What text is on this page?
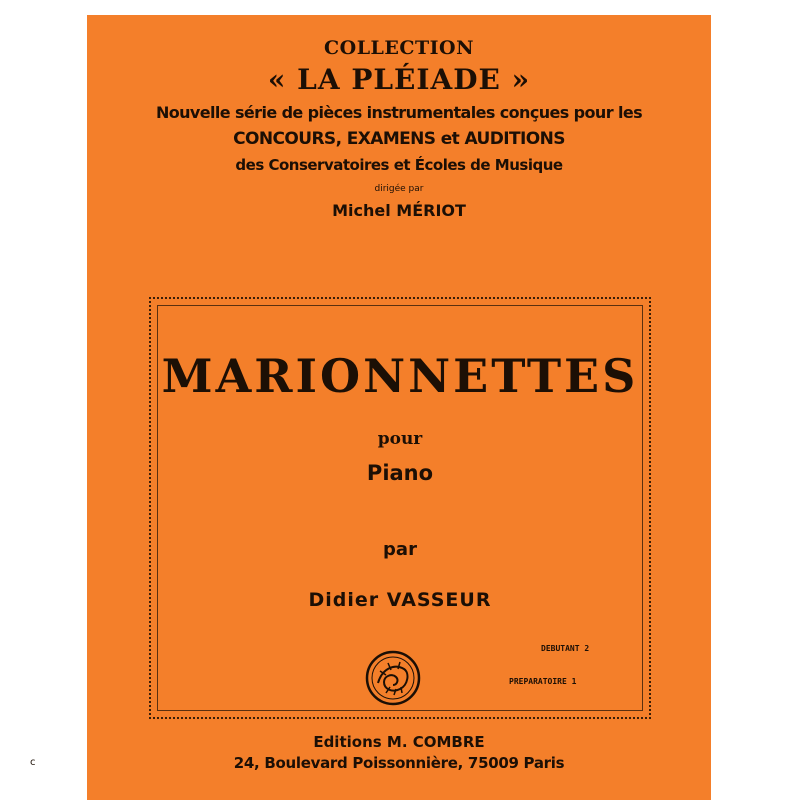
COLLECTION
« LA PLÉIADE »
Nouvelle série de pièces instrumentales conçues pour les
CONCOURS, EXAMENS et AUDITIONS
des Conservatoires et Écoles de Musique
dirigée par
Michel MÉRIOT
MARIONNETTES
pour
Piano
par
Didier VASSEUR
DEBUTANT 2
PREPARATOIRE 1
Editions M. COMBRE
24, Boulevard Poissonnière, 75009 Paris
c
